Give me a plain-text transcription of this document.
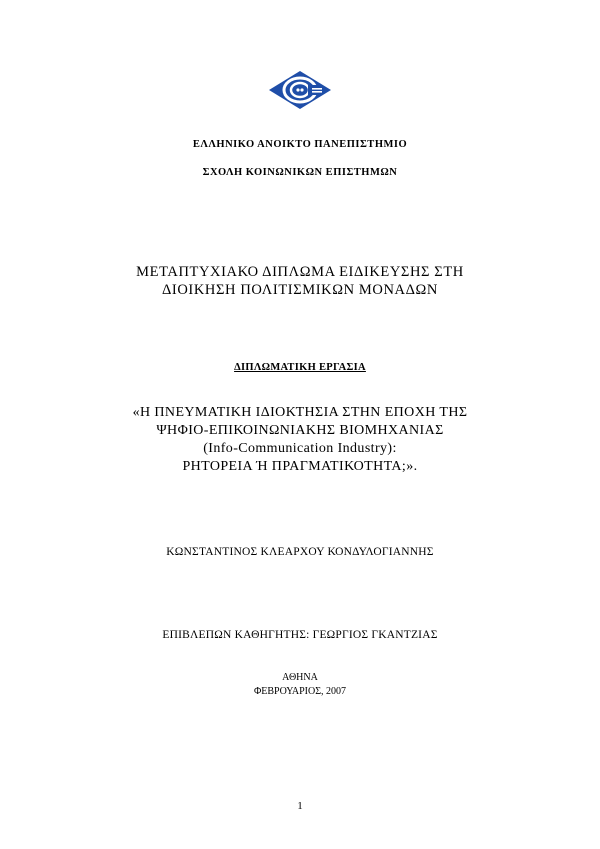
ΕΛΛΗΝΙΚΟ ΑΝΟΙΚΤΟ ΠΑΝΕΠΙΣΤΗΜΙΟ
ΣΧΟΛΗ ΚΟΙΝΩΝΙΚΩΝ ΕΠΙΣΤΗΜΩΝ
ΜΕΤΑΠΤΥΧΙΑΚΟ ΔΙΠΛΩΜΑ ΕΙΔΙΚΕΥΣΗΣ ΣΤΗ
ΔΙΟΙΚΗΣΗ ΠΟΛΙΤΙΣΜΙΚΩΝ ΜΟΝΑΔΩΝ
ΔΙΠΛΩΜΑΤΙΚΗ ΕΡΓΑΣΙΑ
«Η ΠΝΕΥΜΑΤΙΚΗ ΙΔΙΟΚΤΗΣΙΑ ΣΤΗΝ ΕΠΟΧΗ ΤΗΣ
ΨΗΦΙΟ-ΕΠΙΚΟΙΝΩΝΙΑΚΗΣ ΒΙΟΜΗΧΑΝΙΑΣ
(Info-Communication Industry):
ΡΗΤΟΡΕΙΑ Ή ΠΡΑΓΜΑΤΙΚΟΤΗΤΑ;».
ΚΩΝΣΤΑΝΤΙΝΟΣ ΚΛΕΑΡΧΟΥ ΚΟΝΔΥΛΟΓΙΑΝΝΗΣ
ΕΠΙΒΛΕΠΩΝ ΚΑΘΗΓΗΤΗΣ: ΓΕΩΡΓΙΟΣ ΓΚΑΝΤΖΙΑΣ
ΑΘΗΝΑ
ΦΕΒΡΟΥΑΡΙΟΣ, 2007
1
